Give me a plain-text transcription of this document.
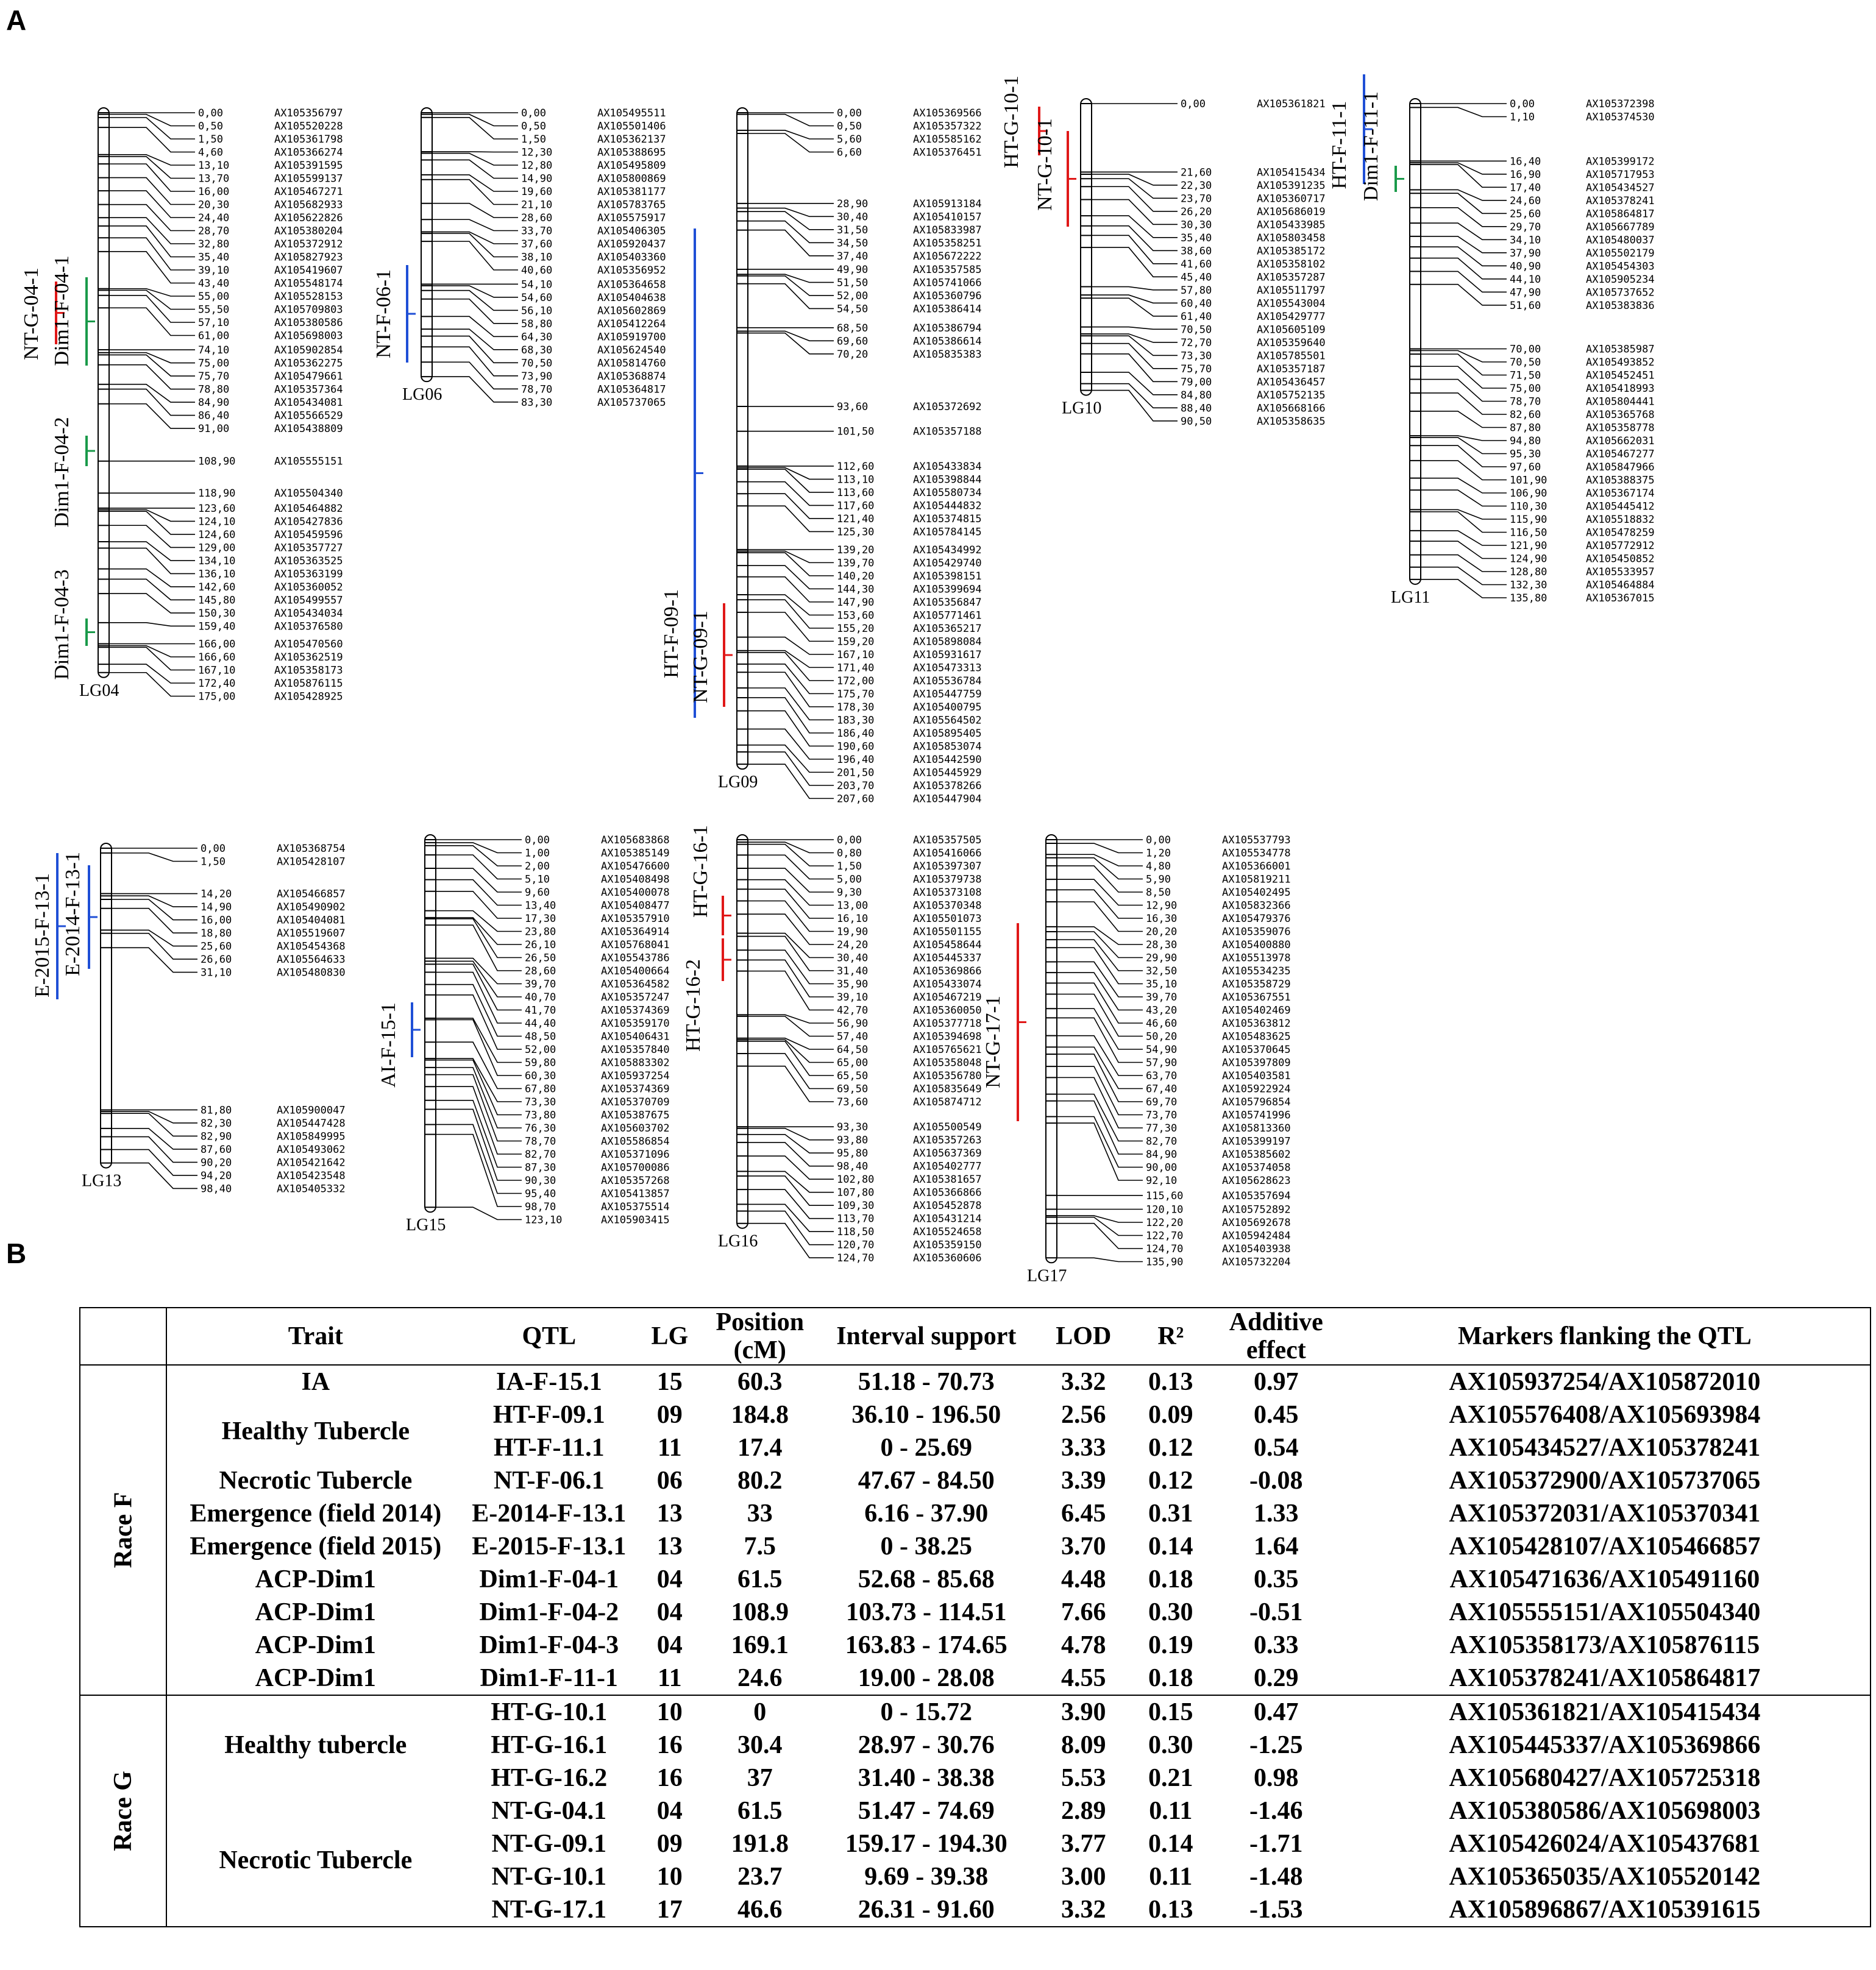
A
0,00	AX105356797
0,50	AX105520228
1,50	AX105361798
4,60	AX105366274
13,10	AX105391595
13,70	AX105599137
16,00	AX105467271
20,30	AX105682933
24,40	AX105622826
28,70	AX105380204
32,80	AX105372912
35,40	AX105827923
39,10	AX105419607
43,40	AX105548174
55,00	AX105528153
55,50	AX105709803
57,10	AX105380586
61,00	AX105698003
74,10	AX105902854
75,00	AX105362275
75,70	AX105479661
78,80	AX105357364
84,90	AX105434081
86,40	AX105566529
91,00	AX105438809
108,90	AX105555151
118,90	AX105504340
123,60	AX105464882
124,10	AX105427836
124,60	AX105459596
129,00	AX105357727
134,10	AX105363525
136,10	AX105363199
142,60	AX105360052
145,80	AX105499557
150,30	AX105434034
159,40	AX105376580
166,00	AX105470560
166,60	AX105362519
167,10	AX105358173
172,40	AX105876115
175,00	AX105428925
LG04
NT-G-04-1 Dim1-F-04-1
Dim1-F-04-2
Dim1-F-04-3
0,00	AX105495511
0,50	AX105501406
1,50	AX105362137
12,30	AX105388695
12,80	AX105495809
14,90	AX105800869
19,60	AX105381177
21,10	AX105783765
28,60	AX105575917
33,70	AX105406305
37,60	AX105920437
38,10	AX105403360
40,60	AX105356952
54,10	AX105364658
54,60	AX105404638
56,10	AX105602869
58,80	AX105412264
64,30	AX105919700
68,30	AX105624540
70,50	AX105814760
73,90	AX105368874
78,70	AX105364817
83,30	AX105737065
LG06
NT-F-06-1
0,00	AX105369566
0,50	AX105357322
5,60	AX105585162
6,60	AX105376451
28,90	AX105913184
30,40	AX105410157
31,50	AX105833987
34,50	AX105358251
37,40	AX105672222
49,90	AX105357585
51,50	AX105741066
52,00	AX105360796
54,50	AX105386414
68,50	AX105386794
69,60	AX105386614
70,20	AX105835383
93,60	AX105372692
101,50	AX105357188
112,60	AX105433834
113,10	AX105398844
113,60	AX105580734
117,60	AX105444832
121,40	AX105374815
125,30	AX105784145
139,20	AX105434992
139,70	AX105429740
140,20	AX105398151
144,30	AX105399694
147,90	AX105356847
153,60	AX105771461
155,20	AX105365217
159,20	AX105898084
167,10	AX105931617
171,40	AX105473313
172,00	AX105536784
175,70	AX105447759
178,30	AX105400795
183,30	AX105564502
186,40	AX105895405
190,60	AX105853074
196,40	AX105442590
201,50	AX105445929
203,70	AX105378266
207,60	AX105447904
LG09
HT-F-09-1 NT-G-09-1
0,00	AX105361821
21,60	AX105415434
22,30	AX105391235
23,70	AX105360717
26,20	AX105686019
30,30	AX105433985
35,40	AX105803458
38,60	AX105385172
41,60	AX105358102
45,40	AX105357287
57,80	AX105511797
60,40	AX105543004
61,40	AX105429777
70,50	AX105605109
72,70	AX105359640
73,30	AX105785501
75,70	AX105357187
79,00	AX105436457
84,80	AX105752135
88,40	AX105668166
90,50	AX105358635
LG10
HT-G-10-1 NT-G-10-1
0,00	AX105372398
1,10	AX105374530
16,40	AX105399172
16,90	AX105717953
17,40	AX105434527
24,60	AX105378241
25,60	AX105864817
29,70	AX105667789
34,10	AX105480037
37,90	AX105502179
40,90	AX105454303
44,10	AX105905234
47,90	AX105737652
51,60	AX105383836
70,00	AX105385987
70,50	AX105493852
71,50	AX105452451
75,00	AX105418993
78,70	AX105804441
82,60	AX105365768
87,80	AX105358778
94,80	AX105662031
95,30	AX105467277
97,60	AX105847966
101,90	AX105388375
106,90	AX105367174
110,30	AX105445412
115,90	AX105518832
116,50	AX105478259
121,90	AX105772912
124,90	AX105450852
128,80	AX105533957
132,30	AX105464884
135,80	AX105367015
LG11
HT-F-11-1 Dim1-F-11-1
0,00	AX105368754
1,50	AX105428107
14,20	AX105466857
14,90	AX105490902
16,00	AX105404081
18,80	AX105519607
25,60	AX105454368
26,60	AX105564633
31,10	AX105480830
81,80	AX105900047
82,30	AX105447428
82,90	AX105849995
87,60	AX105493062
90,20	AX105421642
94,20	AX105423548
98,40	AX105405332
LG13
E-2015-F-13-1 E-2014-F-13-1
0,00	AX105683868
1,00	AX105385149
2,00	AX105476600
5,10	AX105408498
9,60	AX105400078
13,40	AX105408477
17,30	AX105357910
23,80	AX105364914
26,10	AX105768041
26,50	AX105543786
28,60	AX105400664
39,70	AX105364582
40,70	AX105357247
41,70	AX105374369
44,40	AX105359170
48,50	AX105406431
52,00	AX105357840
59,80	AX105883302
60,30	AX105937254
67,80	AX105374369
73,30	AX105370709
73,80	AX105387675
76,30	AX105603702
78,70	AX105586854
82,70	AX105371096
87,30	AX105700086
90,30	AX105357268
95,40	AX105413857
98,70	AX105375514
123,10	AX105903415
LG15
AI-F-15-1
0,00	AX105357505
0,80	AX105416066
1,50	AX105397307
5,00	AX105379738
9,30	AX105373108
13,00	AX105370348
16,10	AX105501073
19,90	AX105501155
24,20	AX105458644
30,40	AX105445337
31,40	AX105369866
35,90	AX105433074
39,10	AX105467219
42,70	AX105360050
56,90	AX105377718
57,40	AX105394698
64,50	AX105765621
65,00	AX105358048
65,50	AX105356780
69,50	AX105835649
73,60	AX105874712
93,30	AX105500549
93,80	AX105357263
95,80	AX105637369
98,40	AX105402777
102,80	AX105381657
107,80	AX105366866
109,30	AX105452878
113,70	AX105431214
118,50	AX105524658
120,70	AX105359150
124,70	AX105360606
LG16
HT-G-16-1
HT-G-16-2
0,00	AX105537793
1,20	AX105534778
4,80	AX105366001
5,90	AX105819211
8,50	AX105402495
12,90	AX105832366
16,30	AX105479376
20,20	AX105359076
28,30	AX105400880
29,90	AX105513978
32,50	AX105534235
35,10	AX105358729
39,70	AX105367551
43,20	AX105402469
46,60	AX105363812
50,20	AX105483625
54,90	AX105370645
57,90	AX105397809
63,70	AX105403581
67,40	AX105922924
69,70	AX105796854
73,70	AX105741996
77,30	AX105813360
82,70	AX105399197
84,90	AX105385602
90,00	AX105374058
92,10	AX105628623
115,60	AX105357694
120,10	AX105752892
122,20	AX105692678
122,70	AX105942484
124,70	AX105403938
135,90	AX105732204
LG17
NT-G-17-1
B
	Trait	QTL	LG	Position (cM)	Interval support	LOD	R²	Additive effect	Markers flanking the QTL
Race F	IA	IA-F-15.1	15	60.3	51.18 - 70.73	3.32	0.13	0.97	AX105937254/AX105872010
	Healthy Tubercle	HT-F-09.1	09	184.8	36.10 - 196.50	2.56	0.09	0.45	AX105576408/AX105693984
		HT-F-11.1	11	17.4	0 - 25.69	3.33	0.12	0.54	AX105434527/AX105378241
	Necrotic Tubercle	NT-F-06.1	06	80.2	47.67 - 84.50	3.39	0.12	-0.08	AX105372900/AX105737065
	Emergence (field 2014)	E-2014-F-13.1	13	33	6.16 - 37.90	6.45	0.31	1.33	AX105372031/AX105370341
	Emergence (field 2015)	E-2015-F-13.1	13	7.5	0 - 38.25	3.70	0.14	1.64	AX105428107/AX105466857
	ACP-Dim1	Dim1-F-04-1	04	61.5	52.68 - 85.68	4.48	0.18	0.35	AX105471636/AX105491160
	ACP-Dim1	Dim1-F-04-2	04	108.9	103.73 - 114.51	7.66	0.30	-0.51	AX105555151/AX105504340
	ACP-Dim1	Dim1-F-04-3	04	169.1	163.83 - 174.65	4.78	0.19	0.33	AX105358173/AX105876115
	ACP-Dim1	Dim1-F-11-1	11	24.6	19.00 - 28.08	4.55	0.18	0.29	AX105378241/AX105864817
Race G	Healthy tubercle	HT-G-10.1	10	0	0 - 15.72	3.90	0.15	0.47	AX105361821/AX105415434
		HT-G-16.1	16	30.4	28.97 - 30.76	8.09	0.30	-1.25	AX105445337/AX105369866
		HT-G-16.2	16	37	31.40 - 38.38	5.53	0.21	0.98	AX105680427/AX105725318
	Necrotic Tubercle	NT-G-04.1	04	61.5	51.47 - 74.69	2.89	0.11	-1.46	AX105380586/AX105698003
		NT-G-09.1	09	191.8	159.17 - 194.30	3.77	0.14	-1.71	AX105426024/AX105437681
		NT-G-10.1	10	23.7	9.69 - 39.38	3.00	0.11	-1.48	AX105365035/AX105520142
		NT-G-17.1	17	46.6	26.31 - 91.60	3.32	0.13	-1.53	AX105896867/AX105391615
